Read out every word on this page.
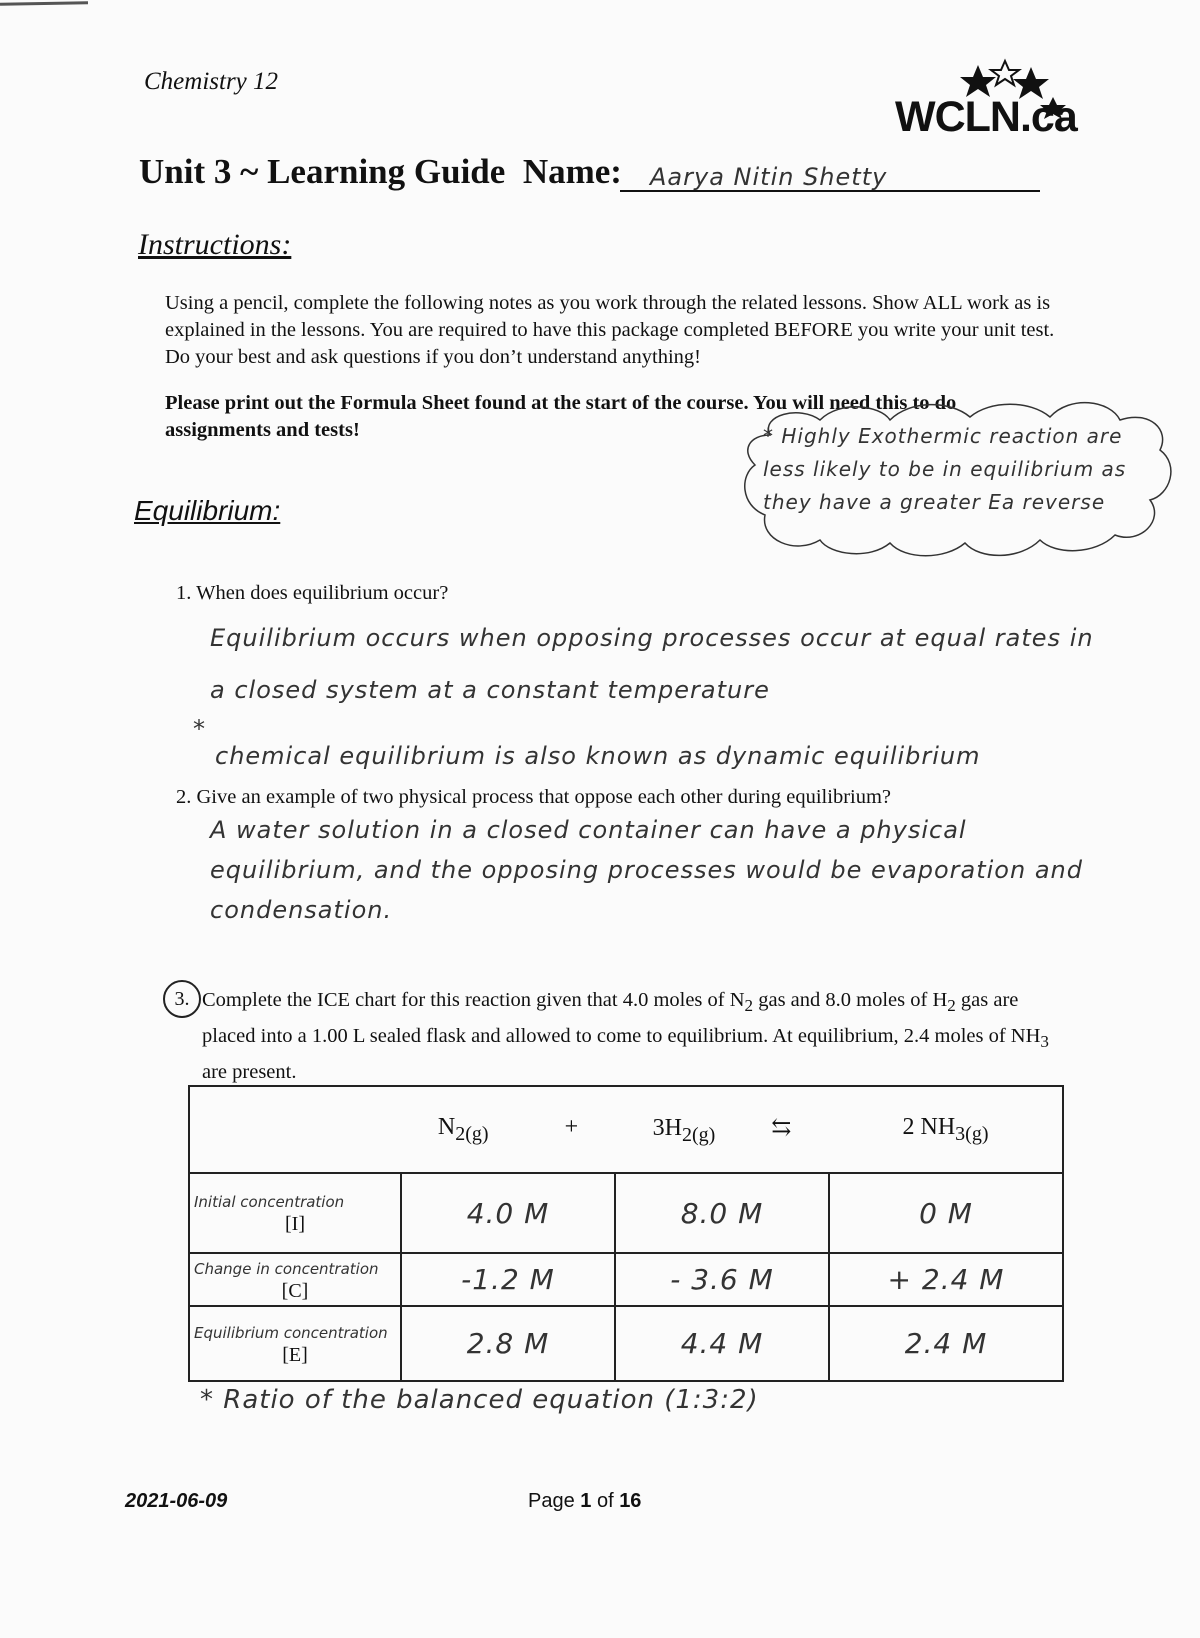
Chemistry 12
WCLN.ca
Unit 3 ~ Learning Guide Name: Aarya Nitin Shetty
Instructions:
Using a pencil, complete the following notes as you work through the related lessons. Show ALL work as is explained in the lessons. You are required to have this package completed BEFORE you write your unit test. Do your best and ask questions if you don’t understand anything!
Please print out the Formula Sheet found at the start of the course. You will need this to do assignments and tests!	* Highly Exothermic reaction are less likely to be in equilibrium as they have a greater Ea reverse
Equilibrium:
1. When does equilibrium occur?
Equilibrium occurs when opposing processes occur at equal rates in a closed system at a constant temperature
*
chemical equilibrium is also known as dynamic equilibrium
2. Give an example of two physical process that oppose each other during equilibrium?
A water solution in a closed container can have a physical equilibrium, and the opposing processes would be evaporation and condensation.
3. Complete the ICE chart for this reaction given that 4.0 moles of $N_2$ gas and 8.0 moles of $H_2$ gas are placed into a 1.00 L sealed flask and allowed to come to equilibrium. At equilibrium, 2.4 moles of $NH_3$ are present.
	$N_{2(g)}$ +	$3H_{2(g)}$ ⇆	2 $NH_{3(g)}$

Initial concentration
[I]	4.0 M	8.0 M	0 M

Change in concentration
[C]	-1.2 M	- 3.6 M	+ 2.4 M

Equilibrium concentration
[E]	2.8 M	4.4 M	2.4 M
* Ratio of the balanced equation (1:3:2)
2021-06-09	Page 1 of 16
